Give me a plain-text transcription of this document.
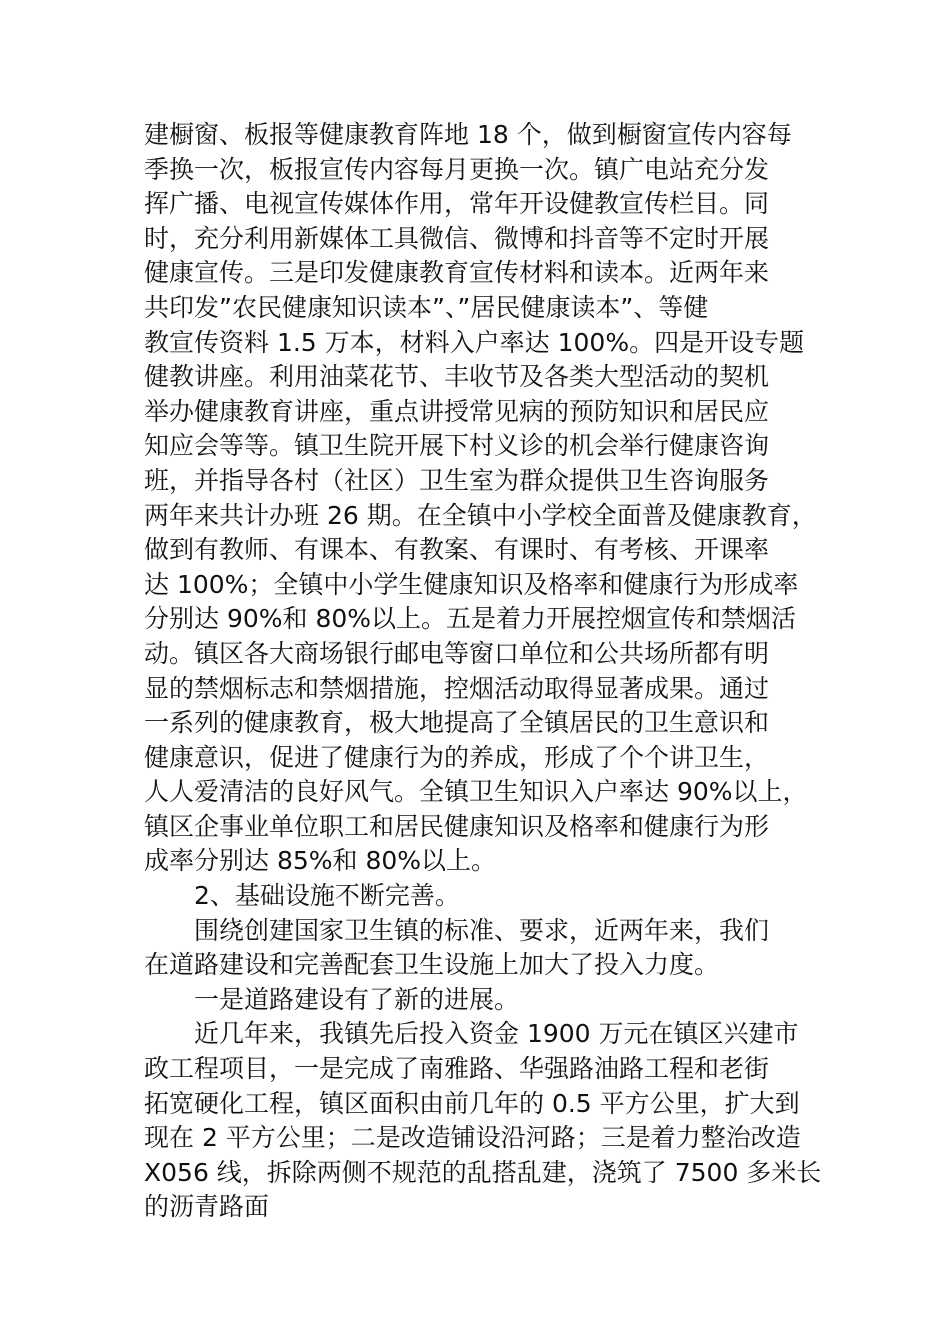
建橱窗、板报等健康教育阵地 18 个，做到橱窗宣传内容每
季换一次，板报宣传内容每月更换一次。镇广电站充分发
挥广播、电视宣传媒体作用，常年开设健教宣传栏目。同
时，充分利用新媒体工具微信、微博和抖音等不定时开展
健康宣传。三是印发健康教育宣传材料和读本。近两年来
共印发”农民健康知识读本”、”居民健康读本”、等健
教宣传资料 1.5 万本，材料入户率达 100%。四是开设专题
健教讲座。利用油菜花节、丰收节及各类大型活动的契机
举办健康教育讲座，重点讲授常见病的预防知识和居民应
知应会等等。镇卫生院开展下村义诊的机会举行健康咨询
班，并指导各村（社区）卫生室为群众提供卫生咨询服务
两年来共计办班 26 期。在全镇中小学校全面普及健康教育，
做到有教师、有课本、有教案、有课时、有考核、开课率
达 100%；全镇中小学生健康知识及格率和健康行为形成率
分别达 90%和 80%以上。五是着力开展控烟宣传和禁烟活
动。镇区各大商场银行邮电等窗口单位和公共场所都有明
显的禁烟标志和禁烟措施，控烟活动取得显著成果。通过
一系列的健康教育，极大地提高了全镇居民的卫生意识和
健康意识，促进了健康行为的养成，形成了个个讲卫生，
人人爱清洁的良好风气。全镇卫生知识入户率达 90%以上，
镇区企事业单位职工和居民健康知识及格率和健康行为形
成率分别达 85%和 80%以上。
2、基础设施不断完善。
围绕创建国家卫生镇的标准、要求，近两年来，我们
在道路建设和完善配套卫生设施上加大了投入力度。
一是道路建设有了新的进展。
近几年来，我镇先后投入资金 1900 万元在镇区兴建市
政工程项目，一是完成了南雅路、华强路油路工程和老街
拓宽硬化工程，镇区面积由前几年的 0.5 平方公里，扩大到
现在 2 平方公里；二是改造铺设沿河路；三是着力整治改造
X056 线，拆除两侧不规范的乱搭乱建，浇筑了 7500 多米长
的沥青路面
